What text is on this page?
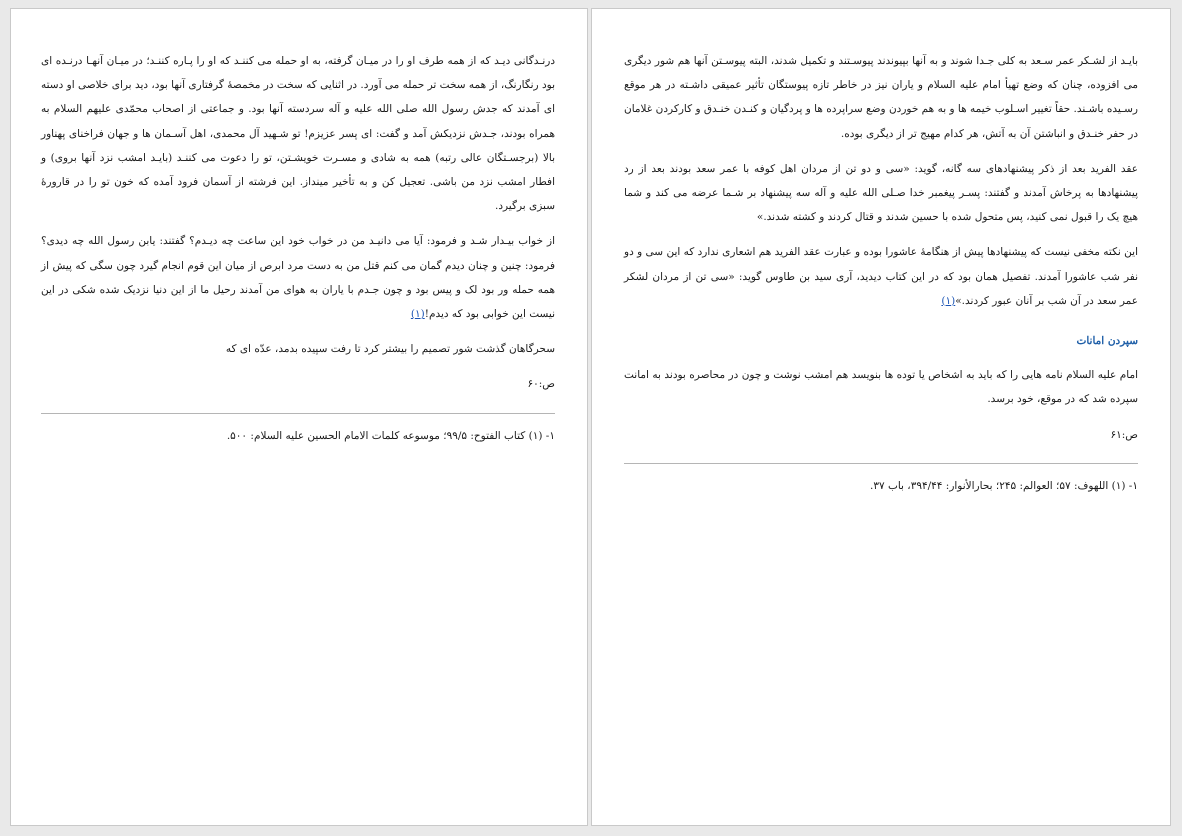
بایـد از لشـکر عمر سـعد به کلی جـدا شوند و به آنها بپیوندند پیوسـتند و تکمیل شدند، البته پیوسـتن آنها هم شور دیگری می افزوده، چنان که وضع تهیأ امام علیه السلام و یاران نیز در خاطر تازه پیوستگان تأثیر عمیقی داشـته در هر موقع رسـیده باشـند. حقاً تغییر اسـلوب خیمه ها و به هم خوردن وضع سراپرده ها و پردگیان و کنـدن خنـدق و کارکردن غلامان در حفر خنـدق و انباشتن آن به آتش، هر کدام مهیج تر از دیگری بوده.

عقد الفرید بعد از ذکر پیشنهادهای سه گانه، گوید: «سی و دو تن از مردان اهل کوفه با عمر سعد بودند بعد از رد پیشنهادها به پرخاش آمدند و گفتند: پسـر پیغمبر خدا صـلی الله علیه و آله سه پیشنهاد بر شـما عرضه می کند و شما هیچ یک را قبول نمی کنید، پس متحول شده با حسین شدند و قتال کردند و کشته شدند.»

این نکته مخفی نیست که پیشنهادها پیش از هنگامهٔ عاشورا بوده و عبارت عقد الفرید هم اشعاری ندارد که این سی و دو نفر شب عاشورا آمدند. تفصیل همان بود که در این کتاب دیدید، آری سید بن طاوس گوید: «سی تن از مردان لشکر عمر سعد در آن شب بر آنان عبور کردند.»(۱)

سپردن امانات

امام علیه السلام نامه هایی را که باید به اشخاص یا توده ها بنویسد هم امشب نوشت و چون در محاصره بودند به امانت سپرده شد که در موقع، خود برسد.

ص:۶۱

۱- (۱) اللهوف: ۵۷؛ العوالم: ۲۴۵؛ بحارالأنوار: ۳۹۴/۴۴، باب ۳۷.

درنـدگانی دیـد که از همه طرف او را در میـان گرفته، به او حمله می کننـد که او را پـاره کننـد؛ در میـان آنهـا درنـده ای بود رنگارنگ، از همه سخت تر حمله می آورد. در اثنایی که سخت در مخمصهٔ گرفتاری آنها بود، دید برای خلاصی او دسته ای آمدند که جدش رسول الله صلی الله علیه و آله سردسته آنها بود. و جماعتی از اصحاب محمّدی علیهم السلام به همراه بودند، جـدش نزدیکش آمد و گفت: ای پسر عزیزم! تو شـهید آل محمدی، اهل آسـمان ها و جهان فراخنای پهناور بالا (برجسـتگان عالی رتبه) همه به شادی و مسـرت خویشـتن، تو را دعوت می کننـد (بایـد امشب نزد آنها بروی) و افطار امشب نزد من باشی. تعجیل کن و به تأخیر مینداز. این فرشته از آسمان فرود آمده که خون تو را در قارورهٔ سبزی برگیرد.

از خواب بیـدار شـد و فرمود: آیا می دانیـد من در خواب خود این ساعت چه دیـدم؟ گفتند: یابن رسول الله چه دیدی؟ فرمود: چنین و چنان دیدم گمان می کنم قتل من به دست مرد ابرص از میان این قوم انجام گیرد چون سگی که پیش از همه حمله ور بود لک و پیس بود و چون جـدم با یاران به هوای من آمدند رحیل ما از این دنیا نزدیک شده شکی در این نیست این خوابی بود که دیدم!(۱)

سحرگاهان گذشت شور تصمیم را بیشتر کرد تا رفت سپیده بدمد، عدّه ای که

ص:۶۰

۱- (۱) کتاب الفتوح: ۹۹/۵؛ موسوعه کلمات الامام الحسین علیه السلام: ۵۰۰.
